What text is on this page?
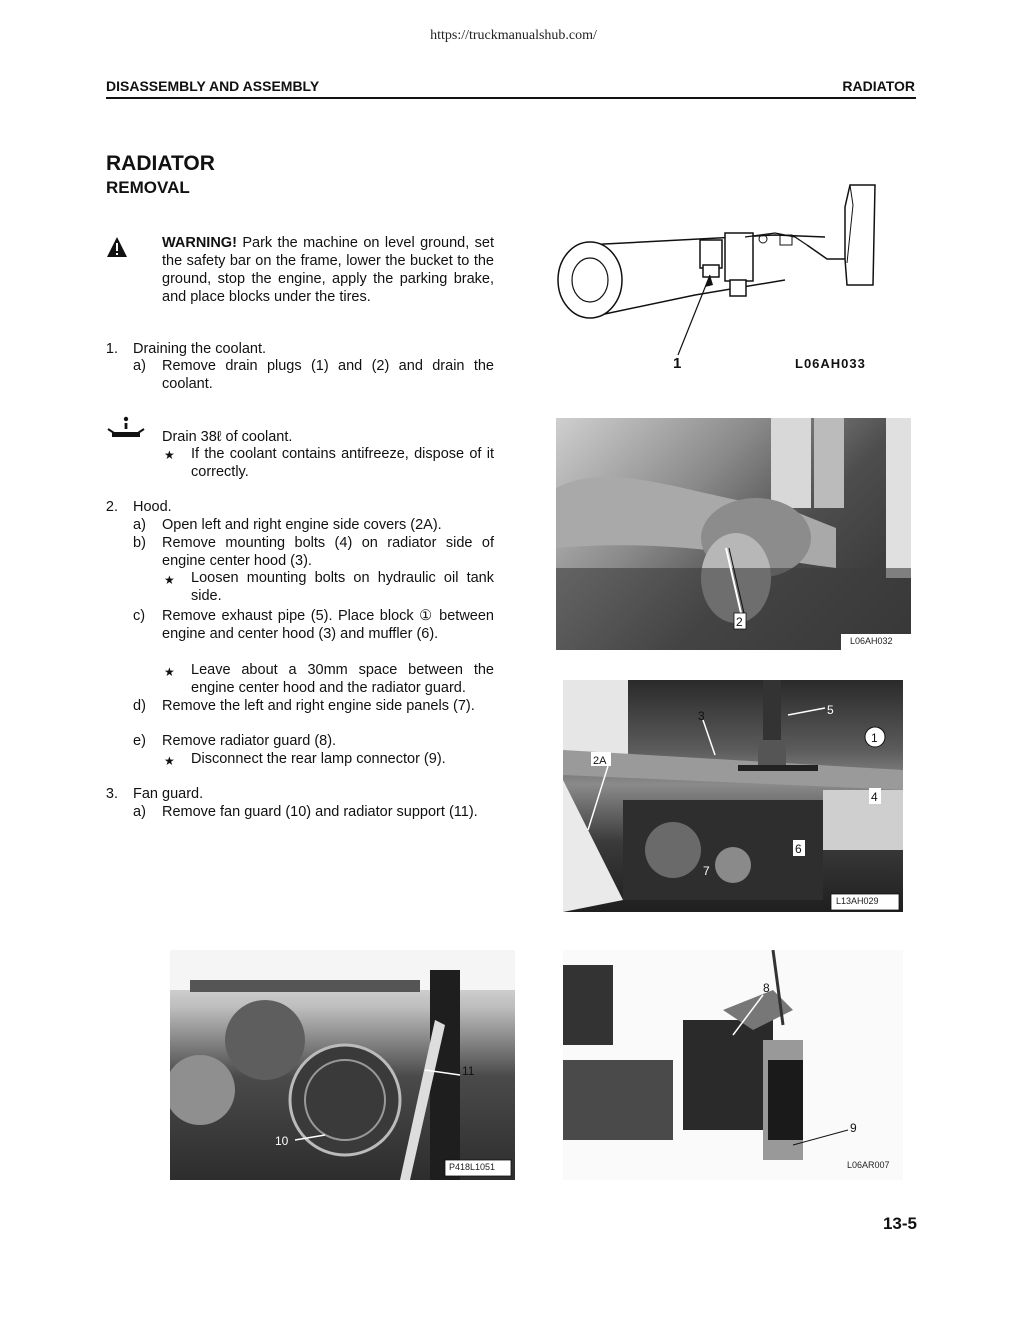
https://truckmanualshub.com/
DISASSEMBLY AND ASSEMBLY	RADIATOR
RADIATOR
REMOVAL
WARNING! Park the machine on level ground, set the safety bar on the frame, lower the bucket to the ground, stop the engine, apply the parking brake, and place blocks under the tires.
1. Draining the coolant.
a) Remove drain plugs (1) and (2) and drain the coolant.
Drain 38ℓ of coolant.
★ If the coolant contains antifreeze, dispose of it correctly.
2. Hood.
a) Open left and right engine side covers (2A).
b) Remove mounting bolts (4) on radiator side of engine center hood (3).
★ Loosen mounting bolts on hydraulic oil tank side.
c) Remove exhaust pipe (5). Place block ① between engine and center hood (3) and muffler (6).
★ Leave about a 30mm space between the engine center hood and the radiator guard.
d) Remove the left and right engine side panels (7).
e) Remove radiator guard (8).
★ Disconnect the rear lamp connector (9).
3. Fan guard.
a) Remove fan guard (10) and radiator support (11).
1	L06AH033
2
L06AH032
3	5
1
2A
4
6
7
L13AH029
11
10
P418L1051
8
9
L06AR007
13-5
